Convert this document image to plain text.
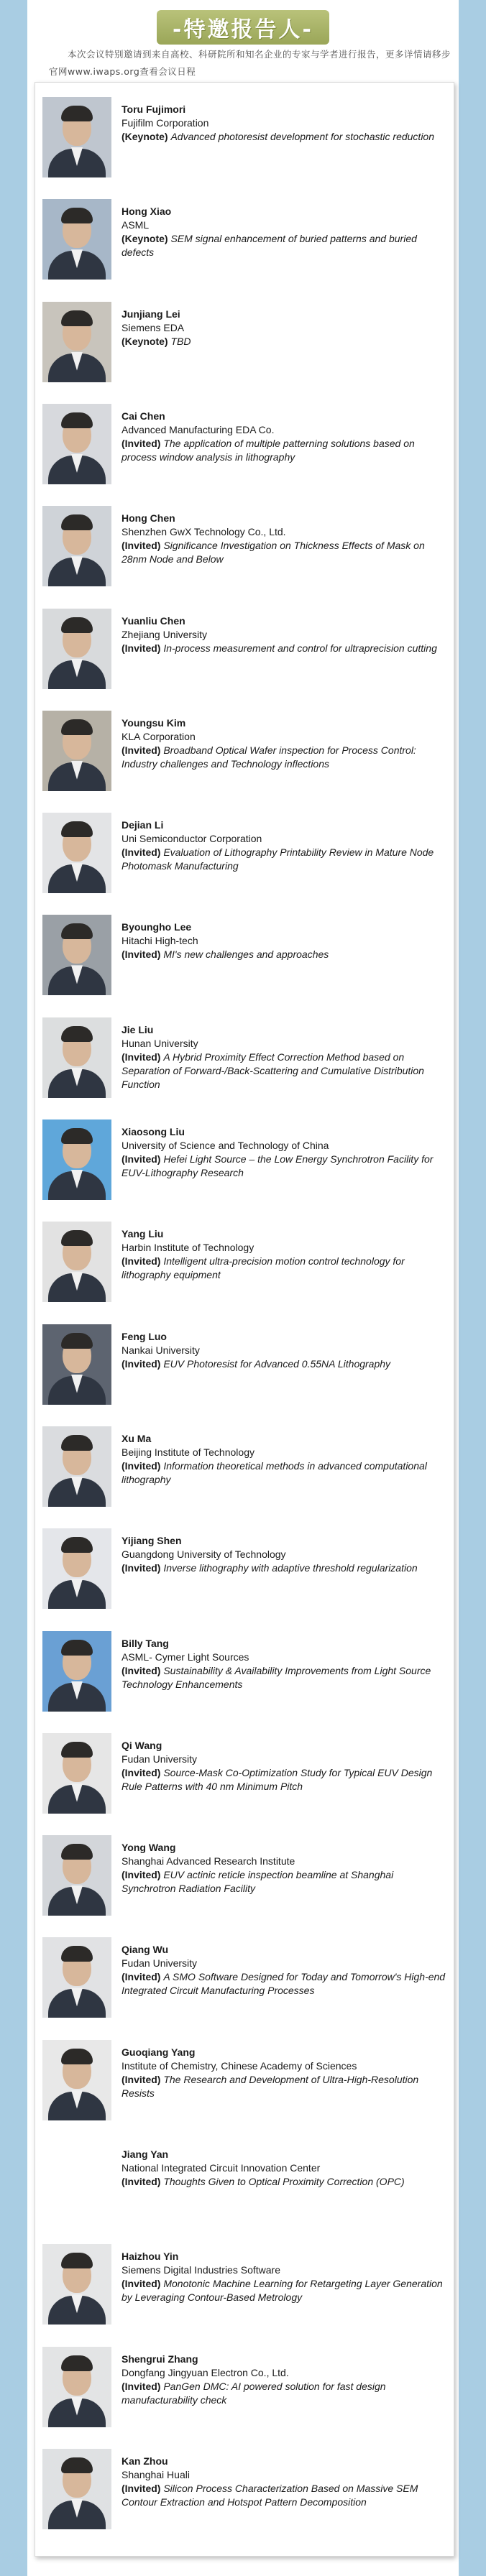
-特邀报告人-
本次会议特别邀请到来自高校、科研院所和知名企业的专家与学者进行报告，更多详情请移步官网www.iwaps.org查看会议日程
Toru Fujimori
Fujifilm Corporation
(Keynote) Advanced photoresist development for stochastic reduction
Hong Xiao
ASML
(Keynote) SEM signal enhancement of buried patterns and buried defects
Junjiang Lei
Siemens EDA
(Keynote) TBD
Cai Chen
Advanced Manufacturing EDA Co.
(Invited) The application of multiple patterning solutions based on process window analysis in lithography
Hong Chen
Shenzhen GwX Technology Co., Ltd.
(Invited) Significance Investigation on Thickness Effects of Mask on 28nm Node and Below
Yuanliu Chen
Zhejiang University
(Invited) In-process measurement and control for ultraprecision cutting
Youngsu Kim
KLA Corporation
(Invited) Broadband Optical Wafer inspection for Process Control: Industry challenges and Technology inflections
Dejian Li
Uni Semiconductor Corporation
(Invited) Evaluation of Lithography Printability Review in Mature Node Photomask Manufacturing
Byoungho Lee
Hitachi High-tech
(Invited) MI's new challenges and approaches
Jie Liu
Hunan University
(Invited) A Hybrid Proximity Effect Correction Method based on Separation of Forward-/Back-Scattering and Cumulative Distribution Function
Xiaosong Liu
University of Science and Technology of China
(Invited) Hefei Light Source – the Low Energy Synchrotron Facility for EUV-Lithography Research
Yang Liu
Harbin Institute of Technology
(Invited) Intelligent ultra-precision motion control technology for lithography equipment
Feng Luo
Nankai University
(Invited) EUV Photoresist for Advanced 0.55NA Lithography
Xu Ma
Beijing Institute of Technology
(Invited) Information theoretical methods in advanced computational lithography
Yijiang Shen
Guangdong University of Technology
(Invited) Inverse lithography with adaptive threshold regularization
Billy Tang
ASML- Cymer Light Sources
(Invited) Sustainability & Availability Improvements from Light Source Technology Enhancements
Qi Wang
Fudan University
(Invited) Source-Mask Co-Optimization Study for Typical EUV Design Rule Patterns with 40 nm Minimum Pitch
Yong Wang
Shanghai Advanced Research Institute
(Invited) EUV actinic reticle inspection beamline at Shanghai Synchrotron Radiation Facility
Qiang Wu
Fudan University
(Invited) A SMO Software Designed for Today and Tomorrow's High-end Integrated Circuit Manufacturing Processes
Guoqiang Yang
Institute of Chemistry, Chinese Academy of Sciences
(Invited) The Research and Development of Ultra-High-Resolution Resists
Jiang Yan
National Integrated Circuit Innovation Center
(Invited) Thoughts Given to Optical Proximity Correction (OPC)
Haizhou Yin
Siemens Digital Industries Software
(Invited) Monotonic Machine Learning for Retargeting Layer Generation by Leveraging Contour-Based Metrology
Shengrui Zhang
Dongfang Jingyuan Electron Co., Ltd.
(Invited) PanGen DMC: AI powered solution for fast design manufacturability check
Kan Zhou
Shanghai Huali
(Invited) Silicon Process Characterization Based on Massive SEM Contour Extraction and Hotspot Pattern Decomposition
